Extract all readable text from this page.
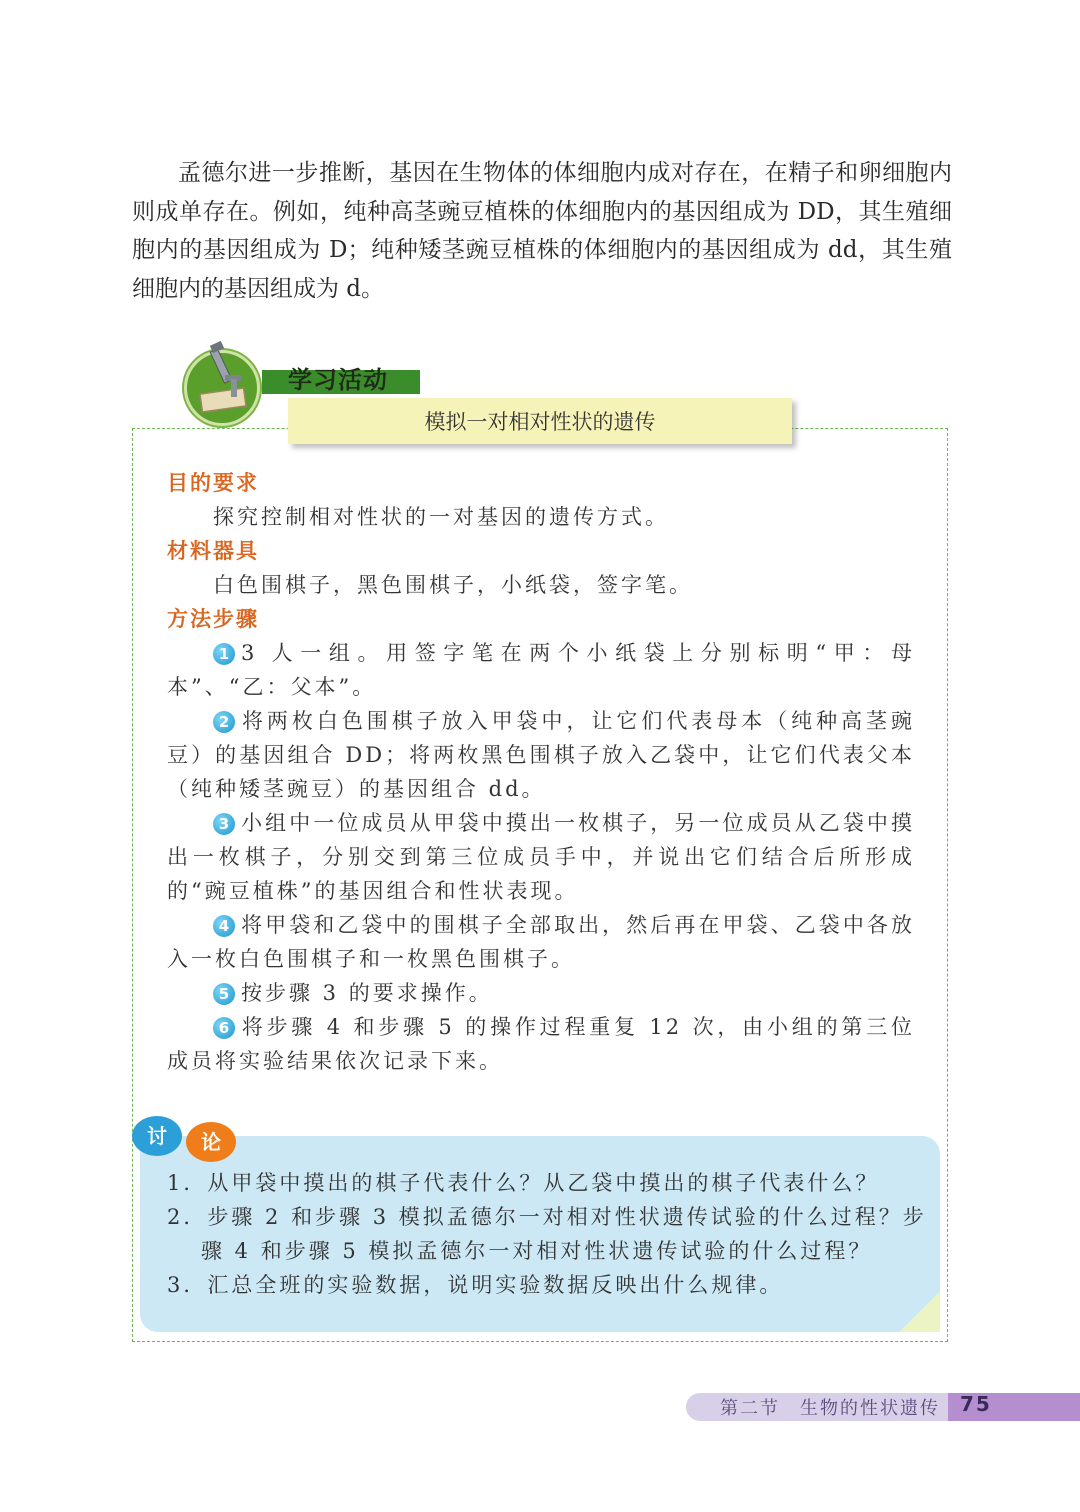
孟德尔进一步推断，基因在生物体的体细胞内成对存在，在精子和卵细胞内则成单存在。例如，纯种高茎豌豆植株的体细胞内的基因组成为 DD，其生殖细胞内的基因组成为 D；纯种矮茎豌豆植株的体细胞内的基因组成为 dd，其生殖细胞内的基因组成为 d。

学习活动
模拟一对相对性状的遗传
目的要求
探究控制相对性状的一对基因的遗传方式。
材料器具
白色围棋子，黑色围棋子，小纸袋，签字笔。
方法步骤
1 3 人一组。用签字笔在两个小纸袋上分别标明“甲：母本”、“乙：父本”。
2 将两枚白色围棋子放入甲袋中，让它们代表母本（纯种高茎豌豆）的基因组合 DD；将两枚黑色围棋子放入乙袋中，让它们代表父本（纯种矮茎豌豆）的基因组合 dd。
3 小组中一位成员从甲袋中摸出一枚棋子，另一位成员从乙袋中摸出一枚棋子，分别交到第三位成员手中，并说出它们结合后所形成的“豌豆植株”的基因组合和性状表现。
4 将甲袋和乙袋中的围棋子全部取出，然后再在甲袋、乙袋中各放入一枚白色围棋子和一枚黑色围棋子。
5 按步骤 3 的要求操作。
6 将步骤 4 和步骤 5 的操作过程重复 12 次，由小组的第三位成员将实验结果依次记录下来。
讨	论
1．从甲袋中摸出的棋子代表什么？从乙袋中摸出的棋子代表什么？
2．步骤 2 和步骤 3 模拟孟德尔一对相对性状遗传试验的什么过程？步骤 4 和步骤 5 模拟孟德尔一对相对性状遗传试验的什么过程？
3．汇总全班的实验数据，说明实验数据反映出什么规律。
第二节　生物的性状遗传 75
